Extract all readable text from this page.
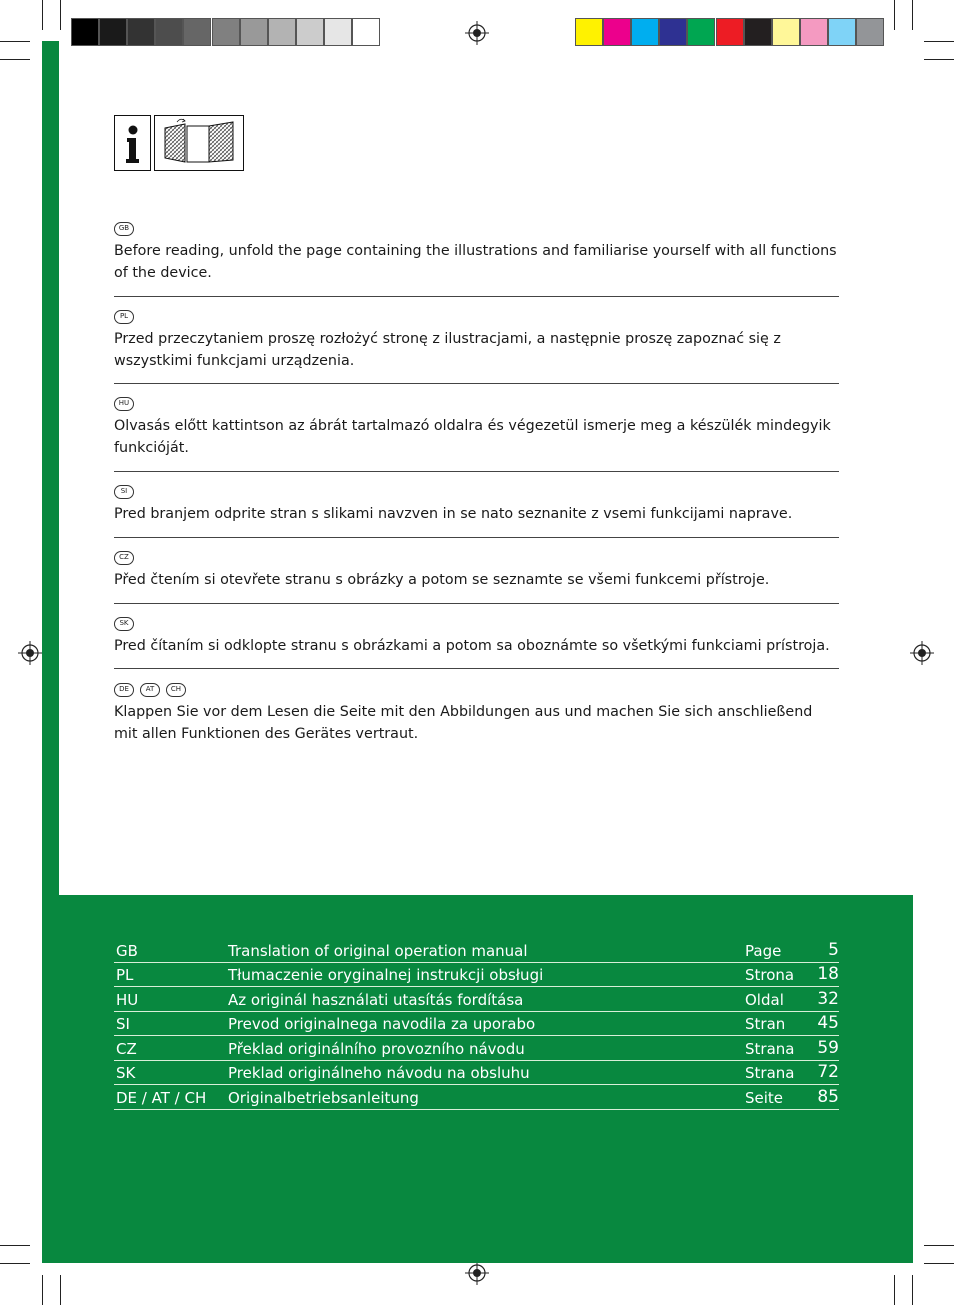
GB

Before reading, unfold the page containing the illustrations and familiarise yourself with all functions of the device.

PL

Przed przeczytaniem proszę rozłożyć stronę z ilustracjami, a następnie proszę zapoznać się z wszystkimi funkcjami urządzenia.

HU

Olvasás előtt kattintson az ábrát tartalmazó oldalra és végezetül ismerje meg a készülék mindegyik funkcióját.

SI

Pred branjem odprite stran s slikami navzven in se nato seznanite z vsemi funkcijami naprave.

CZ

Před čtením si otevřete stranu s obrázky a potom se seznamte se všemi funkcemi přístroje.

SK

Pred čítaním si odklopte stranu s obrázkami a potom sa oboznámte so všetkými funkciami prístroja.

DE	AT	CH

Klappen Sie vor dem Lesen die Seite mit den Abbildungen aus und machen Sie sich anschließend mit allen Funktionen des Gerätes vertraut.

GB	Translation of original operation manual	Page	5
PL	Tłumaczenie oryginalnej instrukcji obsługi	Strona 18
HU	Az originál használati utasítás fordítása	Oldal 32
SI	Prevod originalnega navodila za uporabo	Stran 45
CZ	Překlad originálního provozního návodu	Strana 59
SK	Preklad originálneho návodu na obsluhu	Strana 72
DE / AT / CH Originalbetriebsanleitung	Seite 85
